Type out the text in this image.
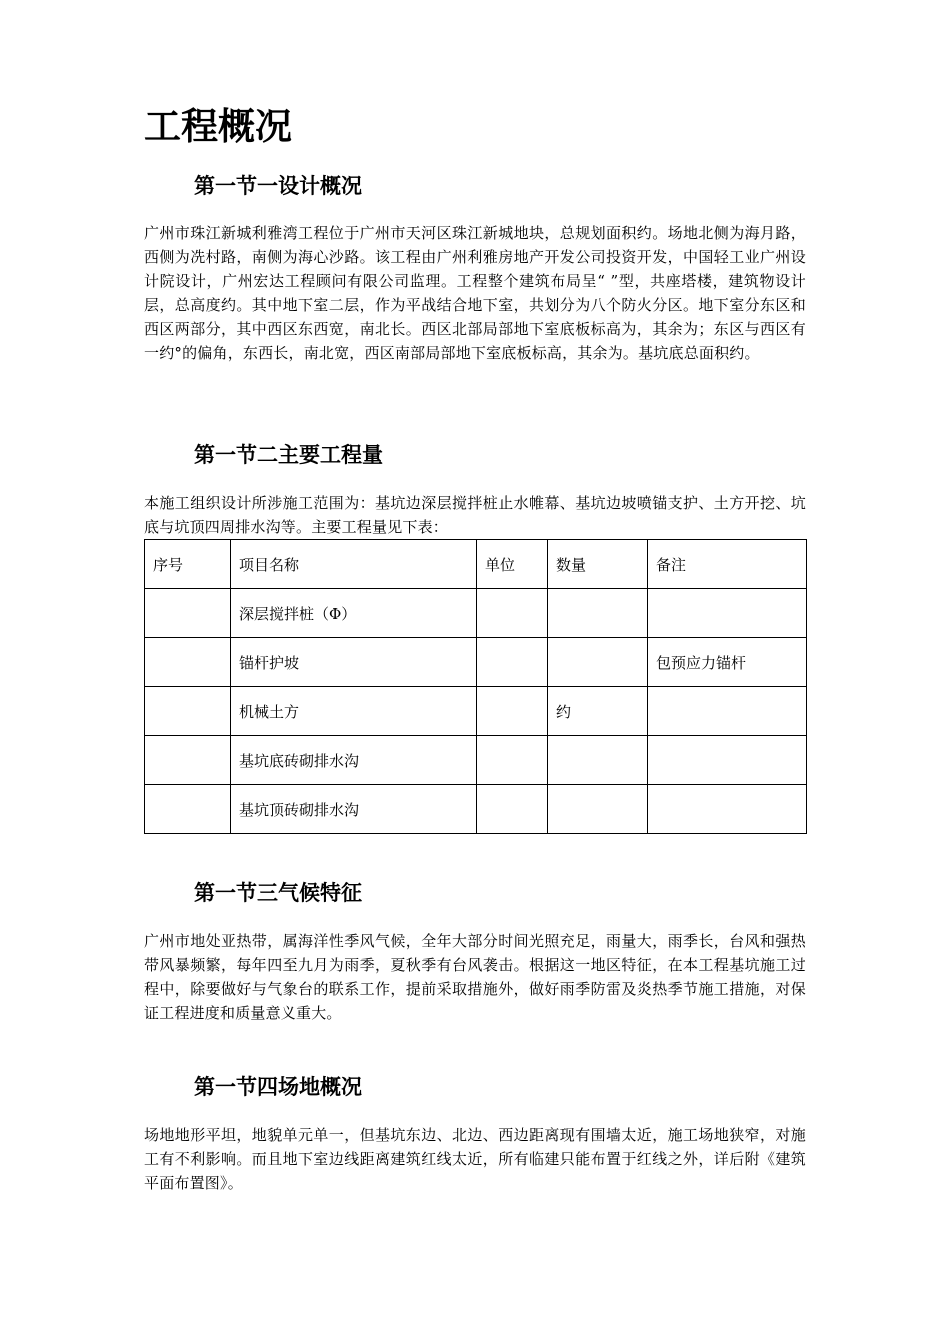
工程概况
第一节一设计概况

广州市珠江新城利雅湾工程位于广州市天河区珠江新城地块，总规划面积约。场地北侧为海月路，西侧为冼村路，南侧为海心沙路。该工程由广州利雅房地产开发公司投资开发，中国轻工业广州设计院设计，广州宏达工程顾问有限公司监理。工程整个建筑布局呈“ ”型，共座塔楼，建筑物设计层，总高度约。其中地下室二层，作为平战结合地下室，共划分为八个防火分区。地下室分东区和西区两部分，其中西区东西宽，南北长。西区北部局部地下室底板标高为，其余为；东区与西区有一约°的偏角，东西长，南北宽，西区南部局部地下室底板标高，其余为。基坑底总面积约。

第一节二主要工程量

本施工组织设计所涉施工范围为：基坑边深层搅拌桩止水帷幕、基坑边坡喷锚支护、土方开挖、坑底与坑顶四周排水沟等。主要工程量见下表：

序号	项目名称	单位	数量	备注
	深层搅拌桩（Φ）			
	锚杆护坡			包预应力锚杆
	机械土方		约	
	基坑底砖砌排水沟			
	基坑顶砖砌排水沟			
第一节三气候特征

广州市地处亚热带，属海洋性季风气候，全年大部分时间光照充足，雨量大，雨季长，台风和强热带风暴频繁，每年四至九月为雨季，夏秋季有台风袭击。根据这一地区特征，在本工程基坑施工过程中，除要做好与气象台的联系工作，提前采取措施外，做好雨季防雷及炎热季节施工措施，对保证工程进度和质量意义重大。

第一节四场地概况

场地地形平坦，地貌单元单一，但基坑东边、北边、西边距离现有围墙太近，施工场地狭窄，对施工有不利影响。而且地下室边线距离建筑红线太近，所有临建只能布置于红线之外，详后附《建筑平面布置图》。
